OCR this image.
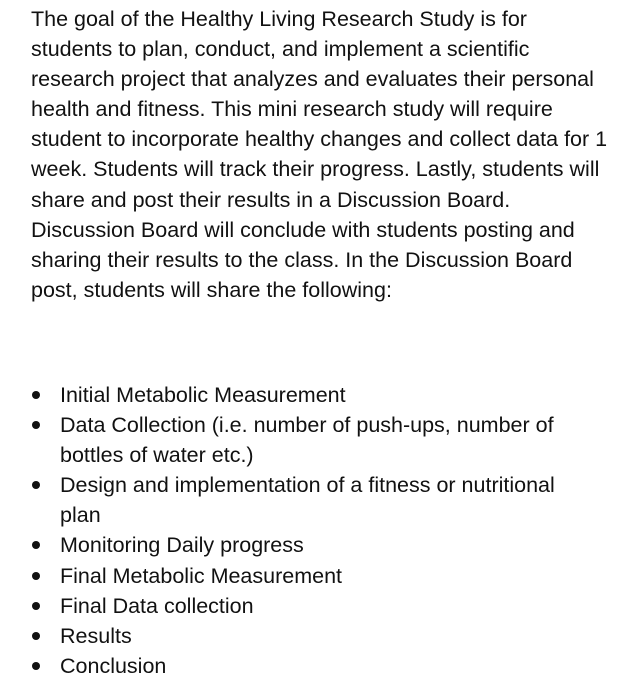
The goal of the Healthy Living Research Study is for students to plan, conduct, and implement a scientific research project that analyzes and evaluates their personal health and fitness. This mini research study will require student to incorporate healthy changes and collect data for 1 week. Students will track their progress. Lastly, students will share and post their results in a Discussion Board. Discussion Board will conclude with students posting and sharing their results to the class. In the Discussion Board post, students will share the following:

Initial Metabolic Measurement
Data Collection (i.e. number of push-ups, number of bottles of water etc.)
Design and implementation of a fitness or nutritional plan
Monitoring Daily progress
Final Metabolic Measurement
Final Data collection
Results
Conclusion
